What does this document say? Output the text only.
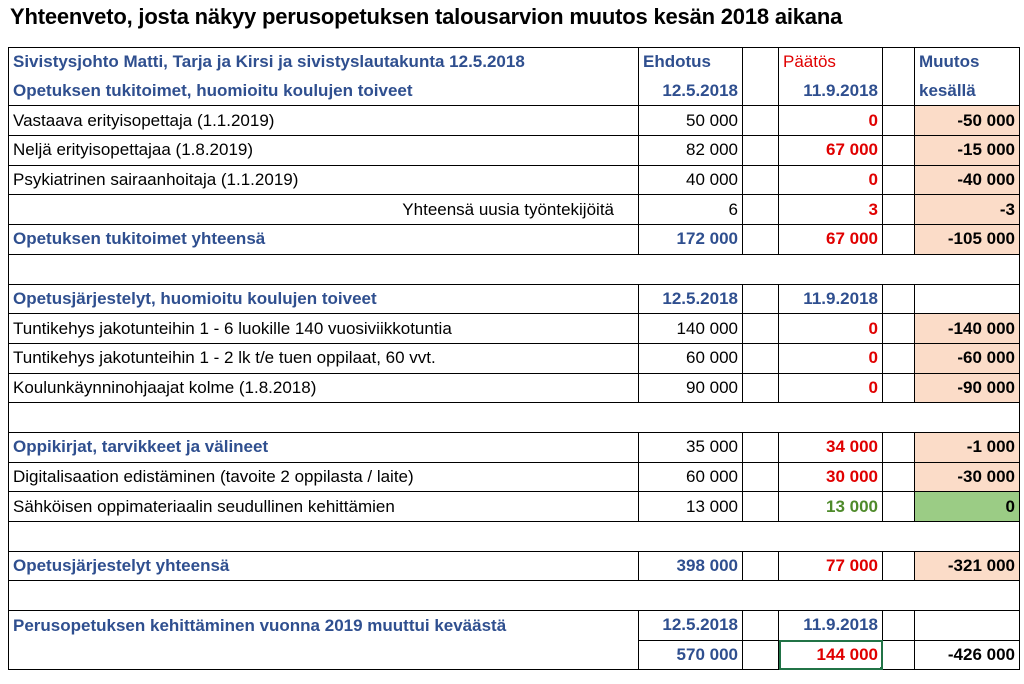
Yhteenveto, josta näkyy perusopetuksen talousarvion muutos kesän 2018 aikana
Sivistysjohto Matti, Tarja ja Kirsi ja sivistyslautakunta 12.5.2018	Ehdotus		Päätös		Muutos
Opetuksen tukitoimet, huomioitu koulujen toiveet	12.5.2018		11.9.2018		kesällä
Vastaava erityisopettaja (1.1.2019)	50 000		0		-50 000
Neljä erityisopettajaa (1.8.2019)	82 000		67 000		-15 000
Psykiatrinen sairaanhoitaja (1.1.2019)	40 000		0		-40 000
Yhteensä uusia työntekijöitä	6		3		-3
Opetuksen tukitoimet yhteensä	172 000		67 000		-105 000

Opetusjärjestelyt, huomioitu koulujen toiveet	12.5.2018		11.9.2018		
Tuntikehys jakotunteihin 1 - 6 luokille 140 vuosiviikkotuntia	140 000		0		-140 000
Tuntikehys jakotunteihin 1 - 2 lk t/e tuen oppilaat, 60 vvt.	60 000		0		-60 000
Koulunkäynninohjaajat kolme (1.8.2018)	90 000		0		-90 000

Oppikirjat, tarvikkeet ja välineet	35 000		34 000		-1 000
Digitalisaation edistäminen (tavoite 2 oppilasta / laite)	60 000		30 000		-30 000
Sähköisen oppimateriaalin seudullinen kehittämien	13 000		13 000		0

Opetusjärjestelyt yhteensä	398 000		77 000		-321 000

Perusopetuksen kehittäminen vuonna 2019 muuttui keväästä	12.5.2018		11.9.2018		
	570 000		144 000		-426 000
